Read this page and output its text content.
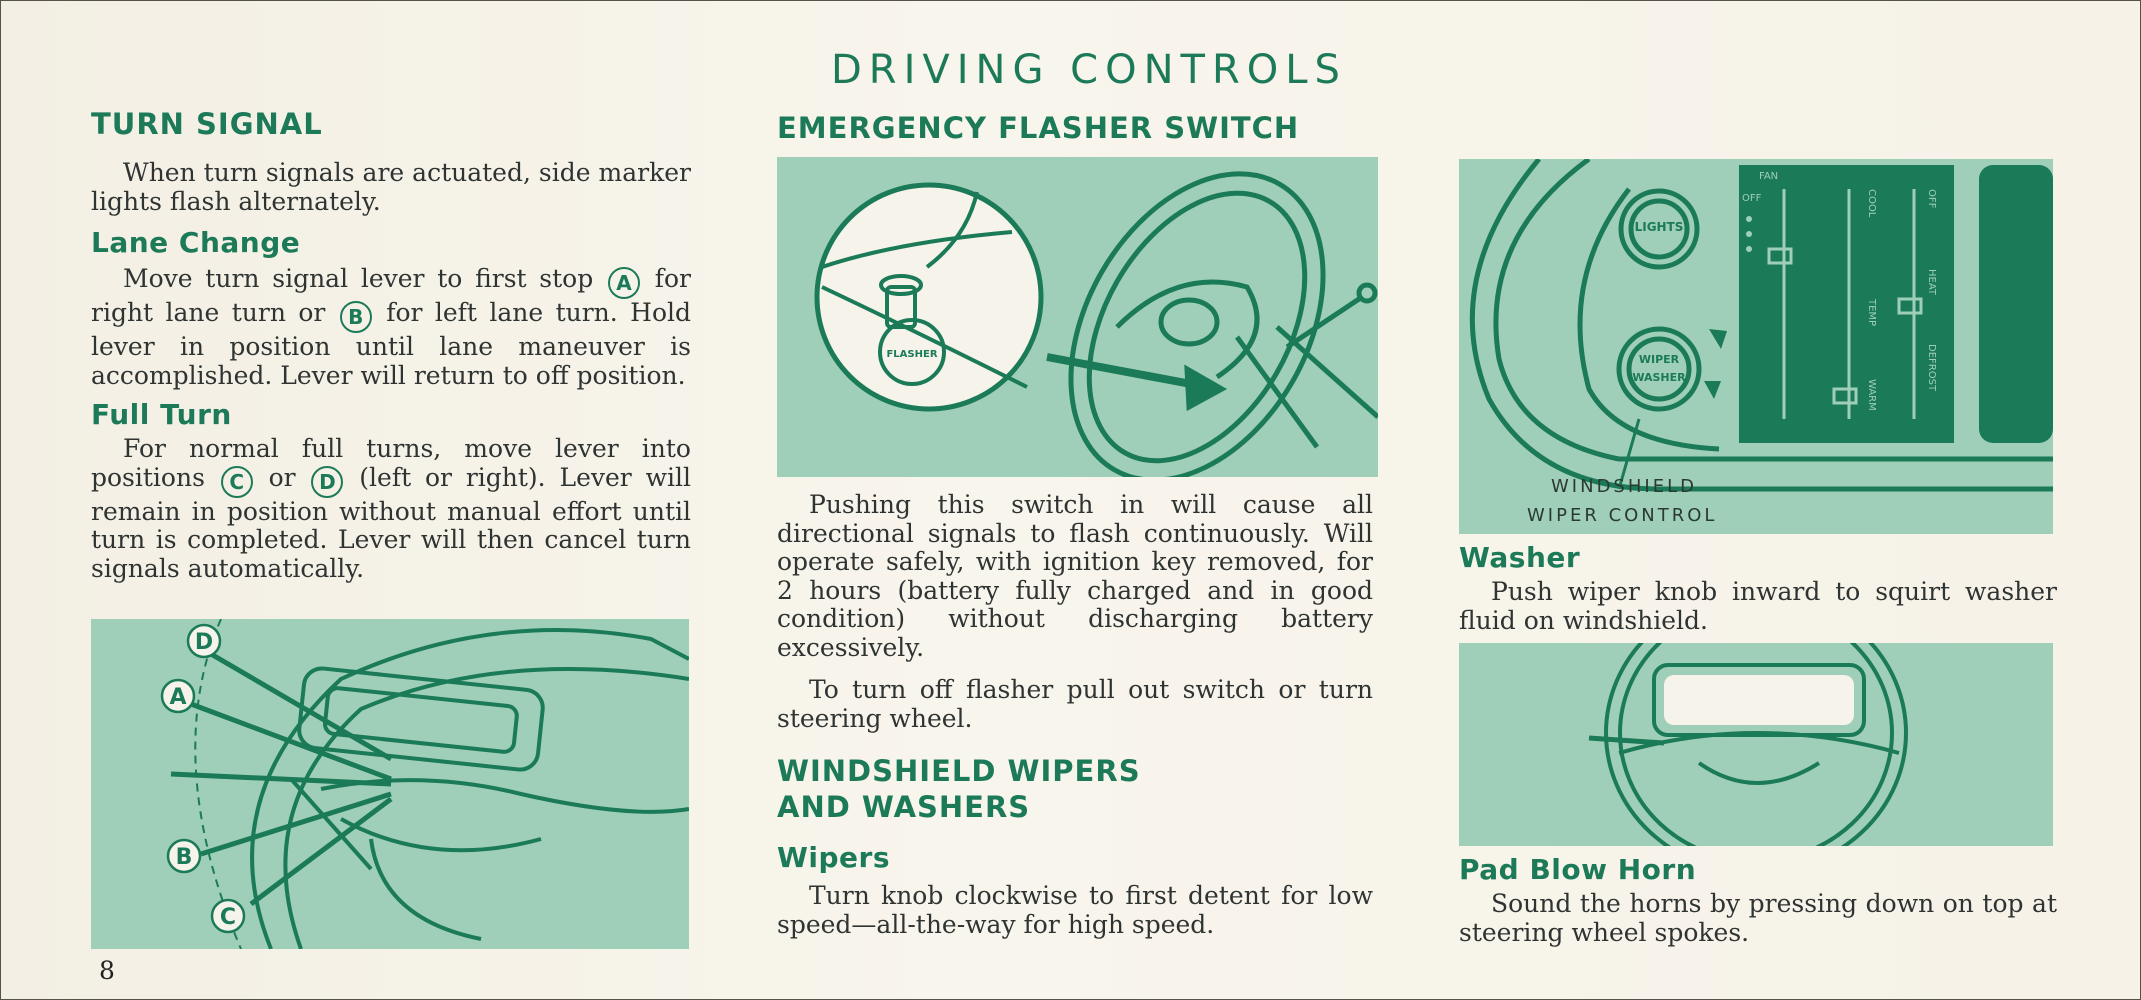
DRIVING CONTROLS
TURN SIGNAL
When turn signals are actuated, side marker lights flash alternately.
Lane Change
Move turn signal lever to first stop A for right lane turn or B for left lane turn. Hold lever in position until lane maneuver is accomplished. Lever will return to off position.
Full Turn
For normal full turns, move lever into positions C or D (left or right). Lever will remain in position without manual effort until turn is completed. Lever will then cancel turn signals automatically.
D
A
B
C
8
EMERGENCY FLASHER SWITCH
FLASHER
Pushing this switch in will cause all directional signals to flash continuously. Will operate safely, with ignition key removed, for 2 hours (battery fully charged and in good condition) without discharging battery excessively.
To turn off flasher pull out switch or turn steering wheel.
WINDSHIELD WIPERS
AND WASHERS
Wipers
Turn knob clockwise to first detent for low speed—all-the-way for high speed.
LIGHTS
WIPER
WASHER
FAN
OFF	COOL
TEMP
WARM
OFF
HEAT
DEFROST
WINDSHIELD
WIPER CONTROL
Washer
Push wiper knob inward to squirt washer fluid on windshield.
Pad Blow Horn
Sound the horns by pressing down on top at steering wheel spokes.
